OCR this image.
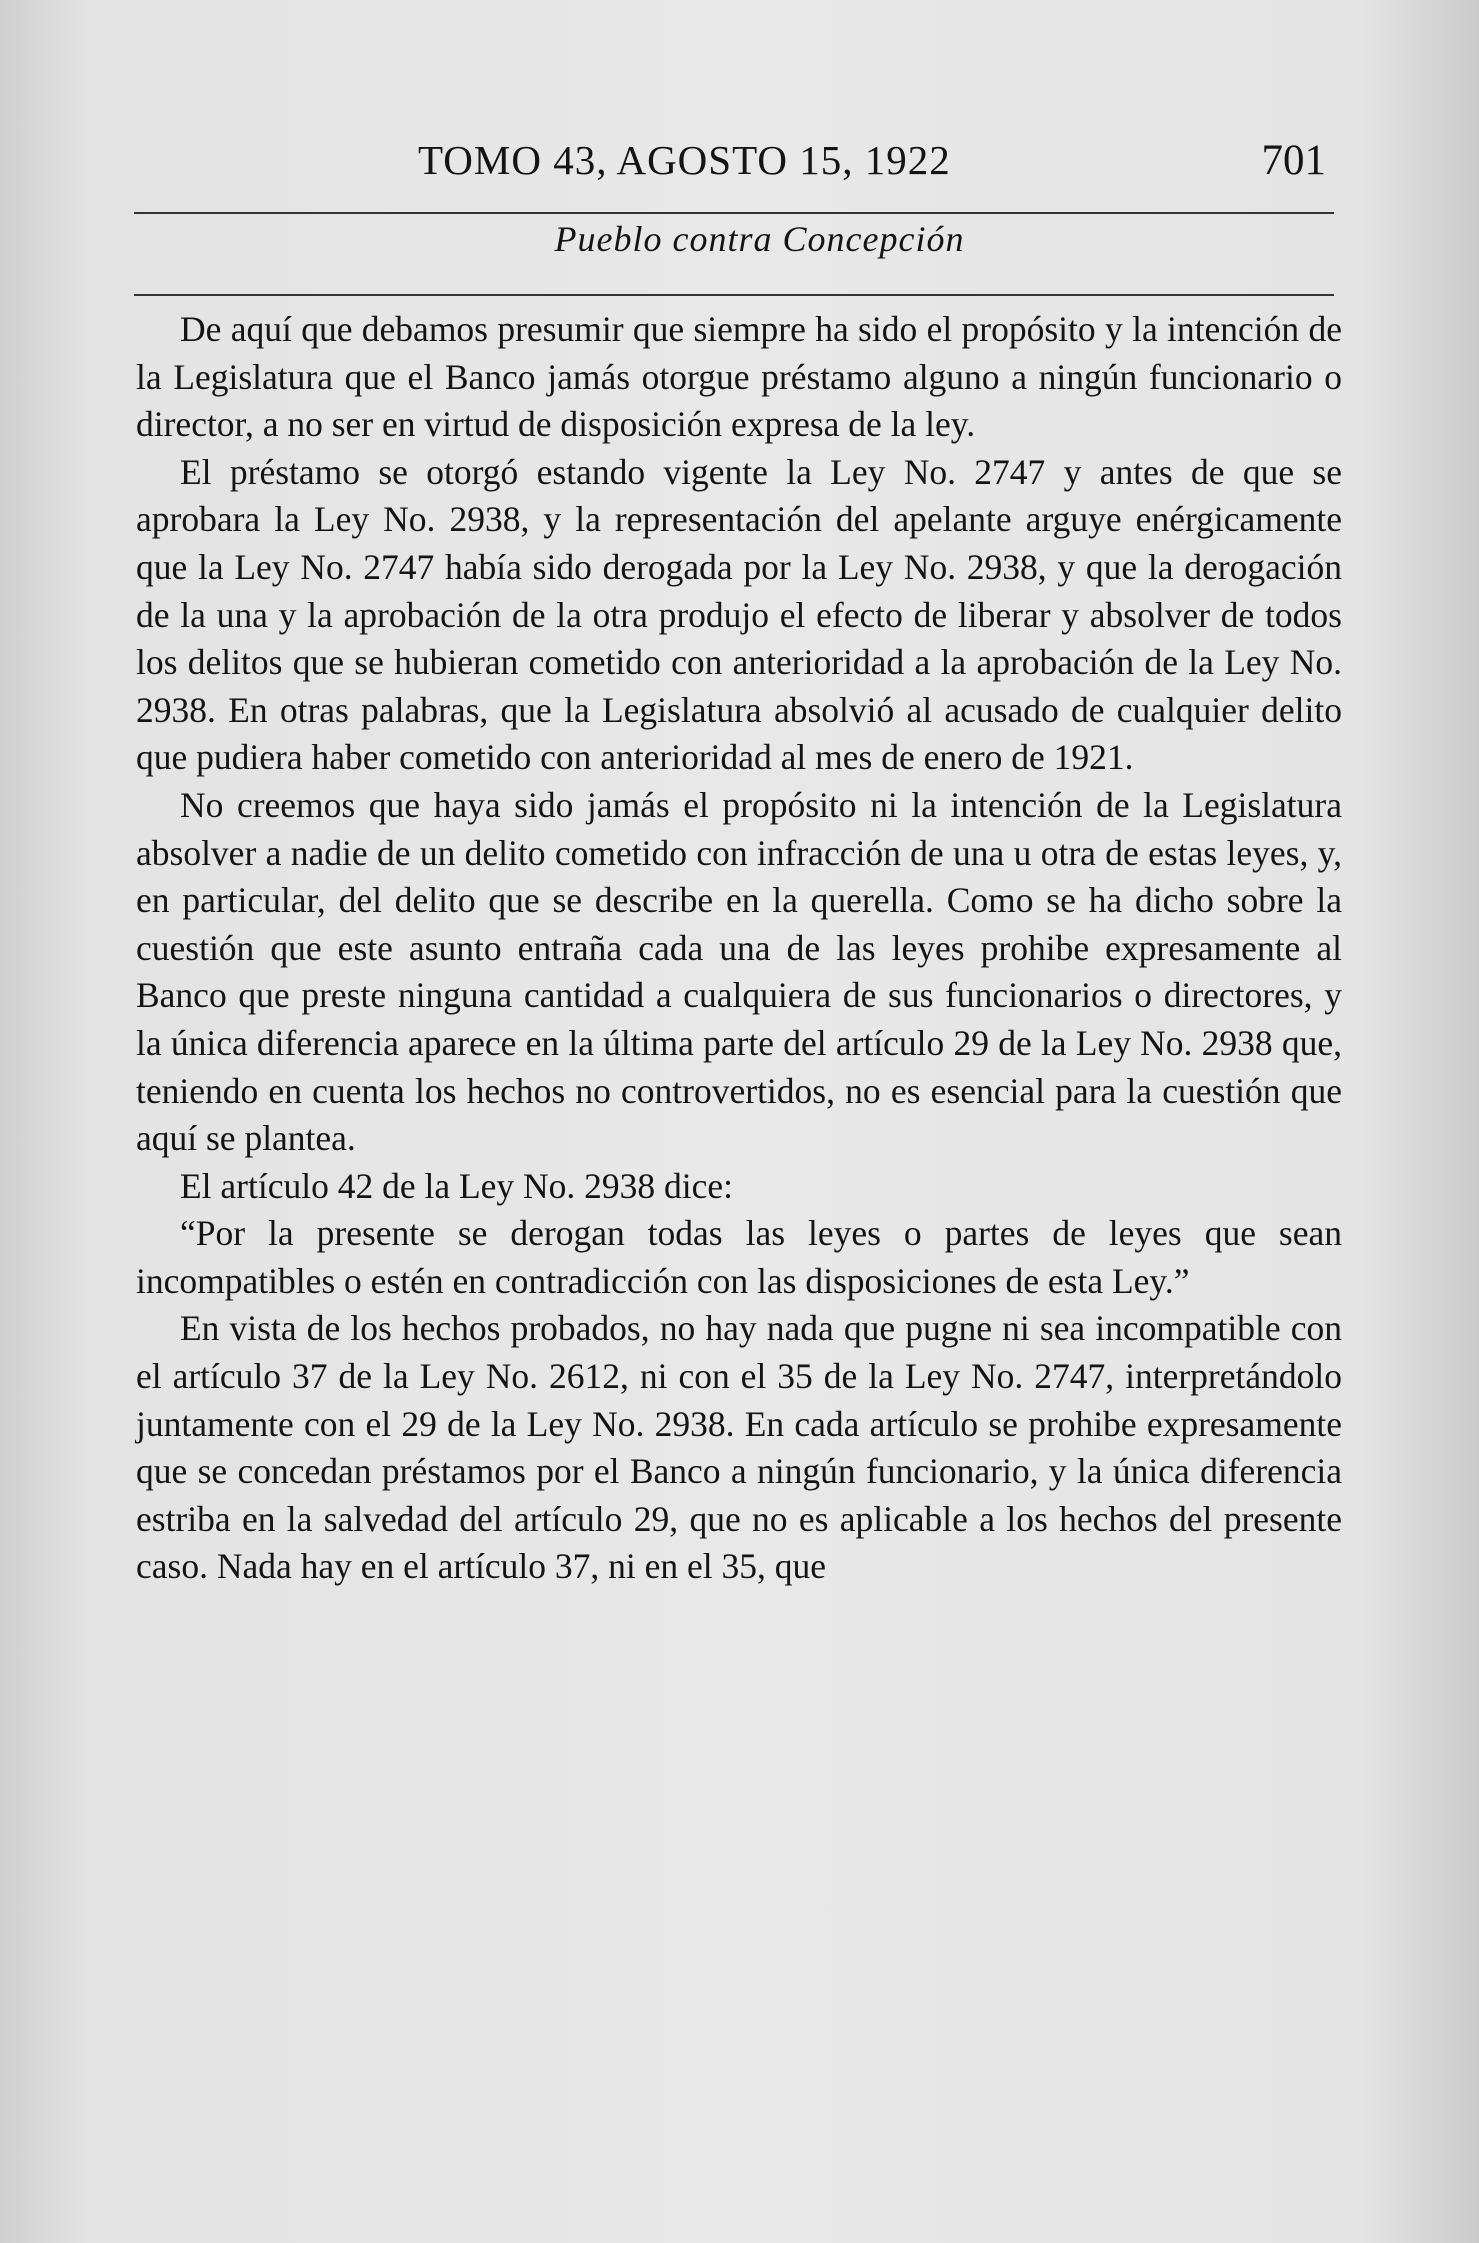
TOMO 43, AGOSTO 15, 1922	701
Pueblo contra Concepción

De aquí que debamos presumir que siempre ha sido el propósito y la intención de la Legislatura que el Banco jamás otorgue préstamo alguno a ningún funcionario o director, a no ser en virtud de disposición expresa de la ley.

El préstamo se otorgó estando vigente la Ley No. 2747 y antes de que se aprobara la Ley No. 2938, y la representación del apelante arguye enérgicamente que la Ley No. 2747 había sido derogada por la Ley No. 2938, y que la derogación de la una y la aprobación de la otra produjo el efecto de liberar y absolver de todos los delitos que se hubieran cometido con anterioridad a la aprobación de la Ley No. 2938. En otras palabras, que la Legislatura absolvió al acusado de cualquier delito que pudiera haber cometido con anterioridad al mes de enero de 1921.

No creemos que haya sido jamás el propósito ni la intención de la Legislatura absolver a nadie de un delito cometido con infracción de una u otra de estas leyes, y, en particular, del delito que se describe en la querella. Como se ha dicho sobre la cuestión que este asunto entraña cada una de las leyes prohibe expresamente al Banco que preste ninguna cantidad a cualquiera de sus funcionarios o directores, y la única diferencia aparece en la última parte del artículo 29 de la Ley No. 2938 que, teniendo en cuenta los hechos no controvertidos, no es esencial para la cuestión que aquí se plantea.

El artículo 42 de la Ley No. 2938 dice:

“Por la presente se derogan todas las leyes o partes de leyes que sean incompatibles o estén en contradicción con las disposiciones de esta Ley.”

En vista de los hechos probados, no hay nada que pugne ni sea incompatible con el artículo 37 de la Ley No. 2612, ni con el 35 de la Ley No. 2747, interpretándolo juntamente con el 29 de la Ley No. 2938. En cada artículo se prohibe expresamente que se concedan préstamos por el Banco a ningún funcionario, y la única diferencia estriba en la salvedad del artículo 29, que no es aplicable a los hechos del presente caso. Nada hay en el artículo 37, ni en el 35, que
